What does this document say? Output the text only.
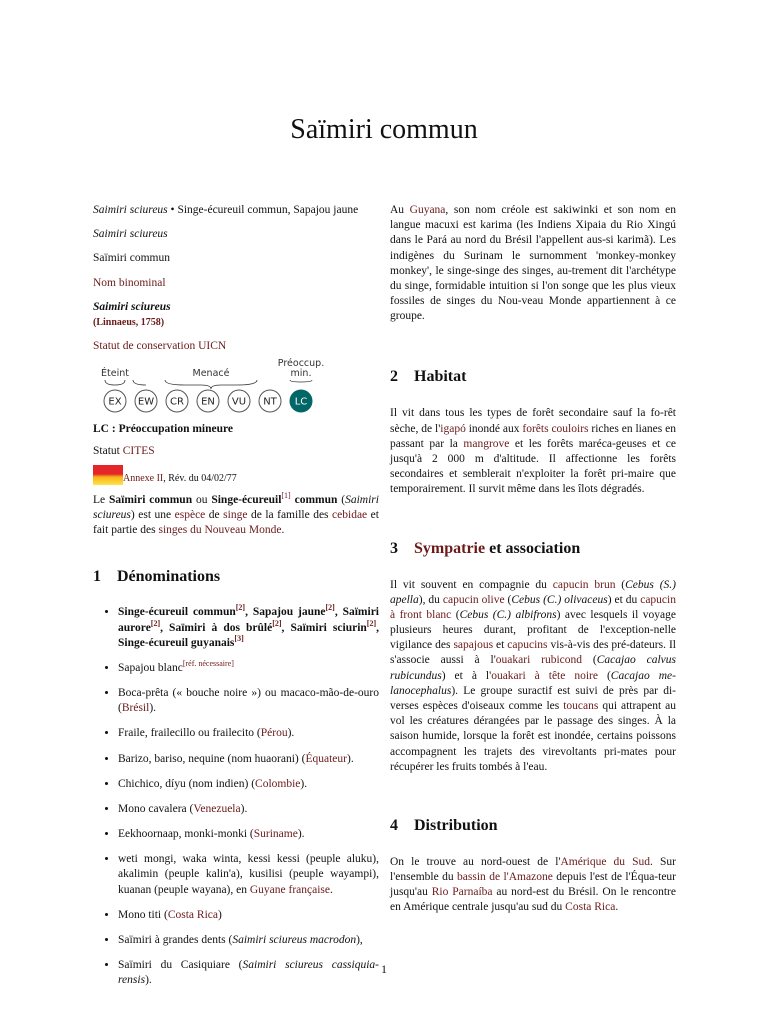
Saïmiri commun

Saimiri sciureus • Singe-écureuil commun, Sapajou jaune

Saimiri sciureus

Saïmiri commun

Nom binominal

Saimiri sciureus
(Linnaeus, 1758)

Statut de conservation UICN

Éteint	Menacé
Préoccup.
min.
EX EW CR EN VU NT LC

LC : Préoccupation mineure

Statut CITES

Annexe II, Rév. du 04/02/77

Le Saïmiri commun ou Singe-écureuil[1] commun (Saimiri sciureus) est une espèce de singe de la famille des cebidae et fait partie des singes du Nouveau Monde.

1 Dénominations
• Singe-écureuil commun[2], Sapajou jaune[2], Saïmiri aurore[2], Saïmiri à dos brûlé[2], Saïmiri sciurin[2], Singe-écureuil guyanais[3]
• Sapajou blanc[réf. nécessaire]
• Boca-prêta (« bouche noire ») ou macaco-mão-de-ouro (Brésil).
• Fraile, frailecillo ou frailecito (Pérou).
• Barizo, bariso, nequine (nom huaorani) (Équateur).
• Chichico, díyu (nom indien) (Colombie).
• Mono cavalera (Venezuela).
• Eekhoornaap, monki-monki (Suriname).
• weti mongi, waka winta, kessi kessi (peuple aluku), akalimin (peuple kalin'a), kusilisi (peuple wayampi), kuanan (peuple wayana), en Guyane française.
• Mono titi (Costa Rica)
• Saïmiri à grandes dents (Saimiri sciureus macrodon),
• Saïmiri du Casiquiare (Saimiri sciureus cassiquia-rensis).

Au Guyana, son nom créole est sakiwinki et son nom en langue macuxi est karima (les Indiens Xipaia du Rio Xingú dans le Pará au nord du Brésil l'appellent aus-si karimã). Les indigènes du Surinam le surnomment 'monkey-monkey monkey', le singe-singe des singes, au-trement dit l'archétype du singe, formidable intuition si l'on songe que les plus vieux fossiles de singes du Nou-veau Monde appartiennent à ce groupe.

2 Habitat

Il vit dans tous les types de forêt secondaire sauf la fo-rêt sèche, de l'igapó inondé aux forêts couloirs riches en lianes en passant par la mangrove et les forêts maréca-geuses et ce jusqu'à 2 000 m d'altitude. Il affectionne les forêts secondaires et semblerait n'exploiter la forêt pri-maire que temporairement. Il survit même dans les îlots dégradés.

3 Sympatrie et association

Il vit souvent en compagnie du capucin brun (Cebus (S.) apella), du capucin olive (Cebus (C.) olivaceus) et du capucin à front blanc (Cebus (C.) albifrons) avec lesquels il voyage plusieurs heures durant, profitant de l'exception-nelle vigilance des sapajous et capucins vis-à-vis des pré-dateurs. Il s'associe aussi à l'ouakari rubicond (Cacajao calvus rubicundus) et à l'ouakari à tête noire (Cacajao me-lanocephalus). Le groupe suractif est suivi de près par di-verses espèces d'oiseaux comme les toucans qui attrapent au vol les créatures dérangées par le passage des singes. À la saison humide, lorsque la forêt est inondée, certains poissons accompagnent les trajets des virevoltants pri-mates pour récupérer les fruits tombés à l'eau.

4 Distribution

On le trouve au nord-ouest de l'Amérique du Sud. Sur l'ensemble du bassin de l'Amazone depuis l'est de l'Équa-teur jusqu'au Rio Parnaíba au nord-est du Brésil. On le rencontre en Amérique centrale jusqu'au sud du Costa Rica.

1
